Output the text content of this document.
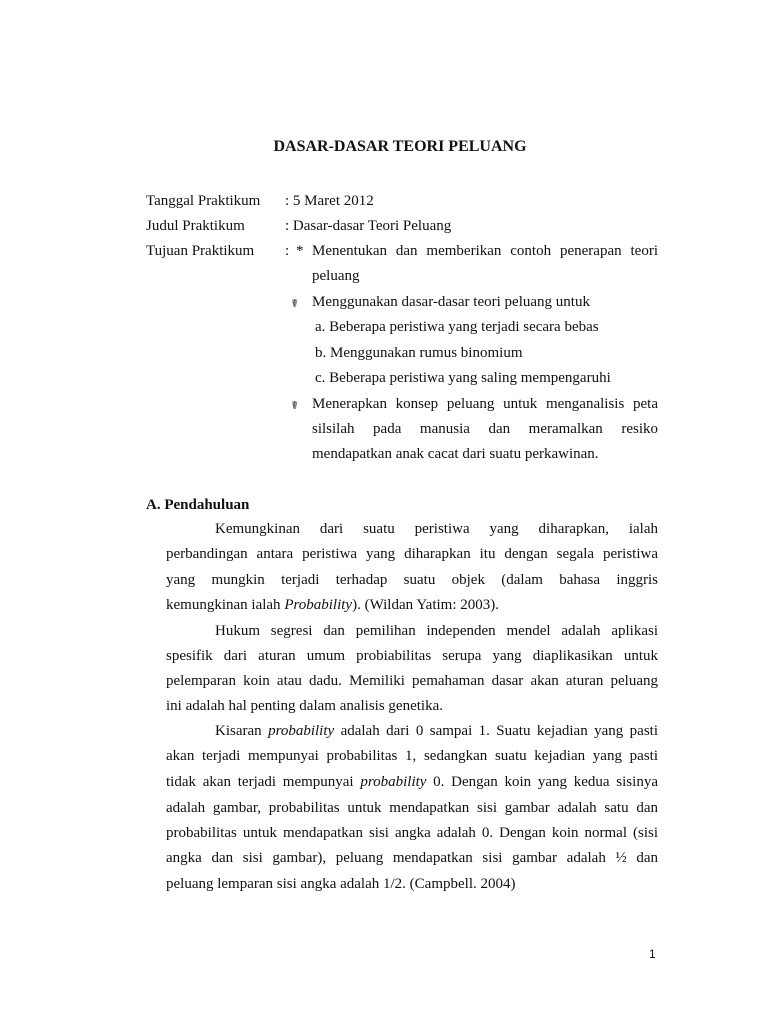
DASAR-DASAR TEORI PELUANG
Tanggal Praktikum : 5 Maret 2012
Judul Praktikum	: Dasar-dasar Teori Peluang
Tujuan Praktikum : * Menentukan dan memberikan contoh penerapan teori
peluang
☤ Menggunakan dasar-dasar teori peluang untuk
a. Beberapa peristiwa yang terjadi secara bebas
b. Menggunakan rumus binomium
c. Beberapa peristiwa yang saling mempengaruhi
☤ Menerapkan konsep peluang untuk menganalisis peta
silsilah pada manusia dan meramalkan resiko
mendapatkan anak cacat dari suatu perkawinan.
A. Pendahuluan
Kemungkinan dari suatu peristiwa yang diharapkan, ialah
perbandingan antara peristiwa yang diharapkan itu dengan segala peristiwa
yang mungkin terjadi terhadap suatu objek (dalam bahasa inggris
kemungkinan ialah Probability). (Wildan Yatim: 2003).
Hukum segresi dan pemilihan independen mendel adalah aplikasi
spesifik dari aturan umum probiabilitas serupa yang diaplikasikan untuk
pelemparan koin atau dadu. Memiliki pemahaman dasar akan aturan peluang
ini adalah hal penting dalam analisis genetika.
Kisaran probability adalah dari 0 sampai 1. Suatu kejadian yang pasti
akan terjadi mempunyai probabilitas 1, sedangkan suatu kejadian yang pasti
tidak akan terjadi mempunyai probability 0. Dengan koin yang kedua sisinya
adalah gambar, probabilitas untuk mendapatkan sisi gambar adalah satu dan
probabilitas untuk mendapatkan sisi angka adalah 0. Dengan koin normal (sisi
angka dan sisi gambar), peluang mendapatkan sisi gambar adalah ½ dan
peluang lemparan sisi angka adalah 1/2. (Campbell. 2004)
1
